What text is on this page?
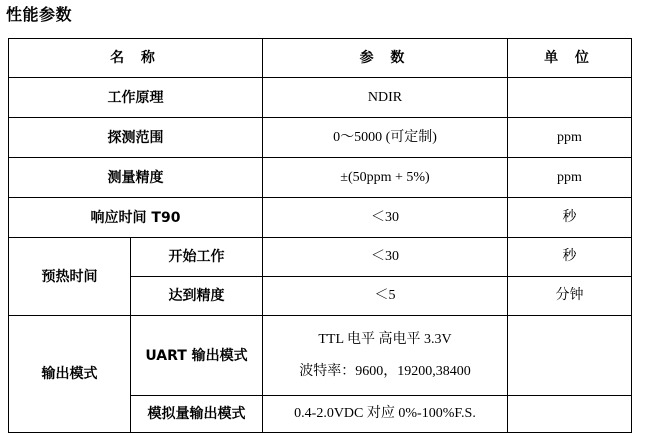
性能参数
名 称		参 数	单 位
工作原理		NDIR	
探测范围		0～5000 (可定制)	ppm
测量精度		±(50ppm + 5%)	ppm
响应时间 T90		＜30	秒
预热时间	开始工作	＜30	秒
	达到精度	＜5	分钟
输出模式	UART 输出模式	TTL 电平 高电平 3.3V
波特率：9600，19200,38400	

	模拟量输出模式	0.4-2.0VDC 对应 0%-100%F.S.	
